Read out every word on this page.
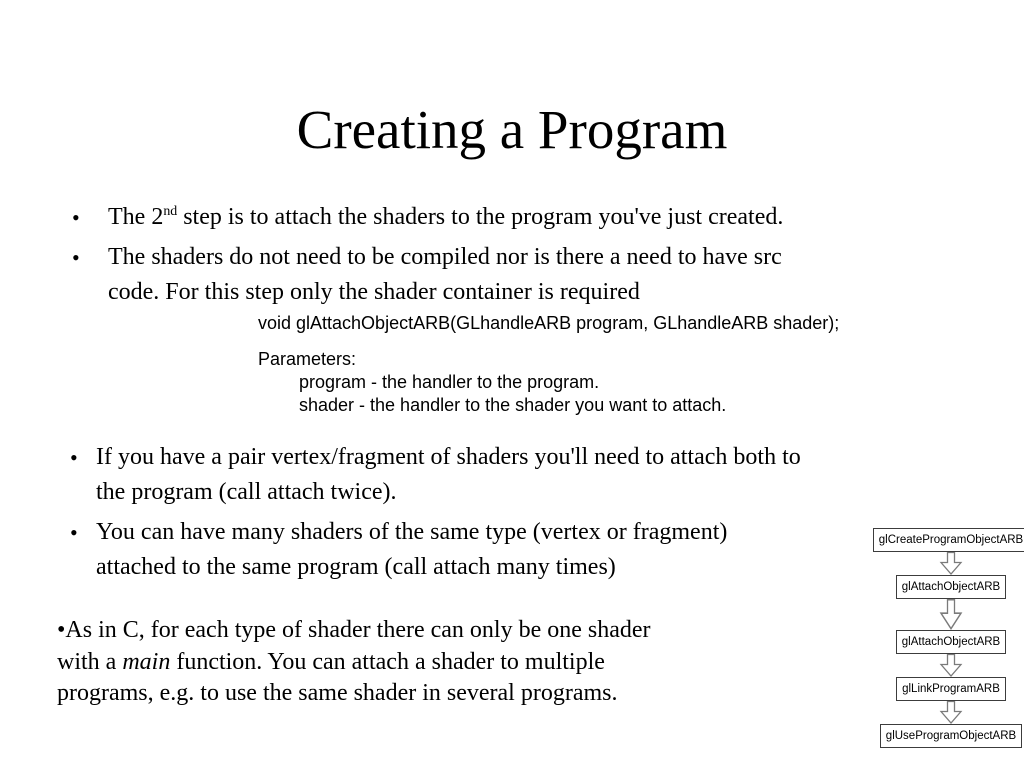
Creating a Program
• The 2nd step is to attach the shaders to the program you've just created.
• The shaders do not need to be compiled nor is there a need to have src
code. For this step only the shader container is required
void glAttachObjectARB(GLhandleARB program, GLhandleARB shader);
Parameters:
program - the handler to the program.
shader - the handler to the shader you want to attach.
• If you have a pair vertex/fragment of shaders you'll need to attach both to
the program (call attach twice).
• You can have many shaders of the same type (vertex or fragment)
attached to the same program (call attach many times)
•As in C, for each type of shader there can only be one shader
with a main function. You can attach a shader to multiple
programs, e.g. to use the same shader in several programs.
glCreateProgramObjectARB
glAttachObjectARB
glAttachObjectARB
glLinkProgramARB
glUseProgramObjectARB
